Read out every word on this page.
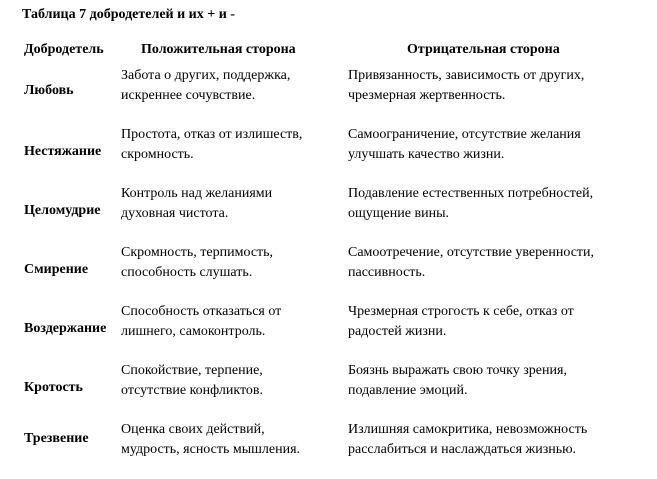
Таблица 7 добродетелей и их + и -
Добродетель	Положительная сторона	Отрицательная сторона
Любовь
Забота о других, поддержка,
искреннее сочувствие.
Привязанность, зависимость от других,
чрезмерная жертвенность.
Нестяжание
Простота, отказ от излишеств,
скромность.
Самоограничение, отсутствие желания
улучшать качество жизни.
Целомудрие
Контроль над желаниями
духовная чистота.
Подавление естественных потребностей,
ощущение вины.
Смирение
Скромность, терпимость,
способность слушать.
Самоотречение, отсутствие уверенности,
пассивность.
Воздержание
Способность отказаться от
лишнего, самоконтроль.
Чрезмерная строгость к себе, отказ от
радостей жизни.
Кротость
Спокойствие, терпение,
отсутствие конфликтов.
Боязнь выражать свою точку зрения,
подавление эмоций.
Трезвение
Оценка своих действий,
мудрость, ясность мышления.
Излишняя самокритика, невозможность
расслабиться и наслаждаться жизнью.
